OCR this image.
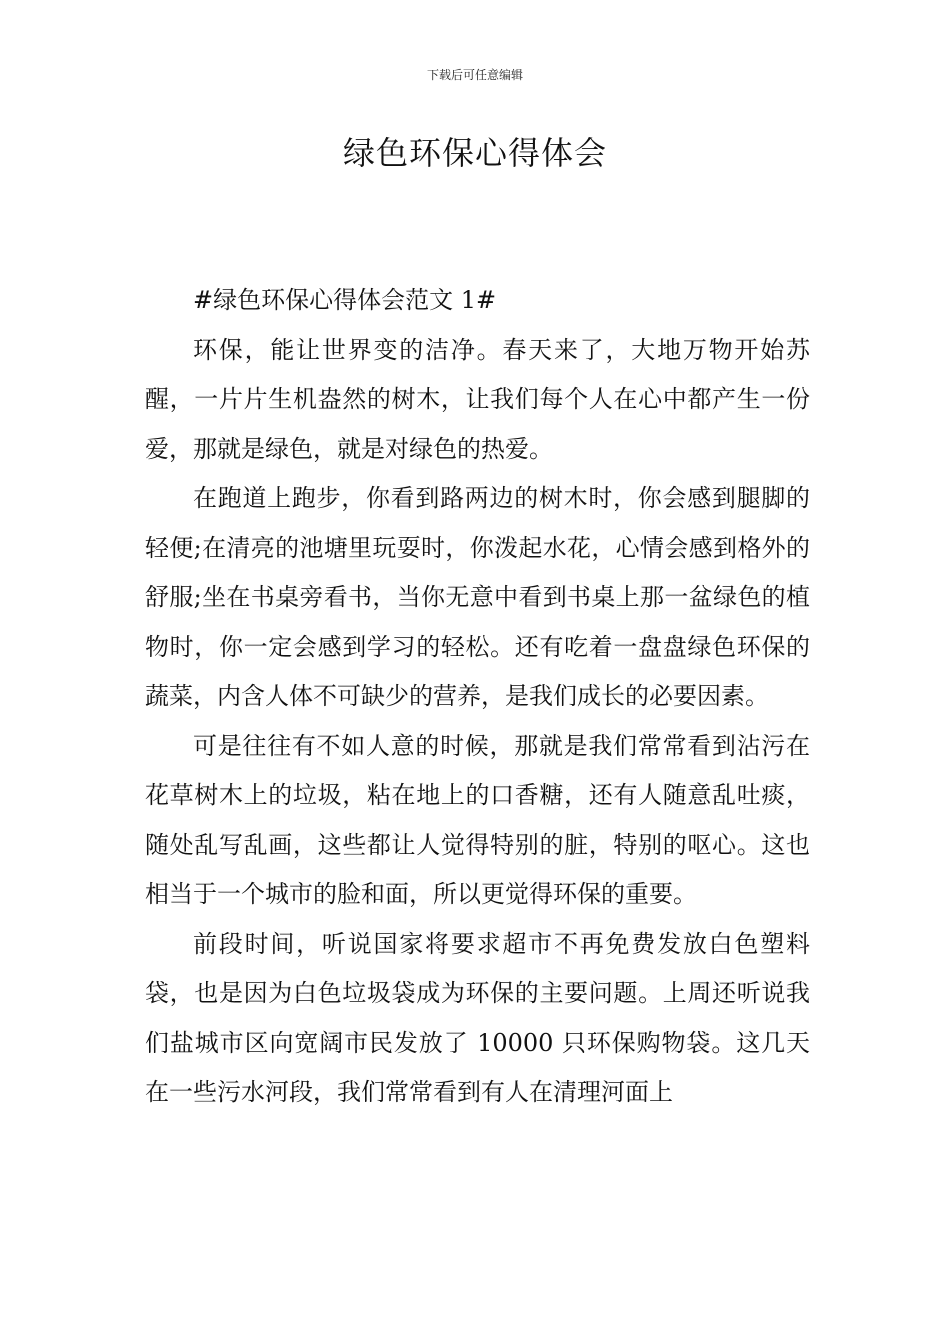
下载后可任意编辑
绿色环保心得体会

#绿色环保心得体会范文 1#

环保，能让世界变的洁净。春天来了，大地万物开始苏醒，一片片生机盎然的树木，让我们每个人在心中都产生一份爱，那就是绿色，就是对绿色的热爱。

在跑道上跑步，你看到路两边的树木时，你会感到腿脚的轻便;在清亮的池塘里玩耍时，你泼起水花，心情会感到格外的舒服;坐在书桌旁看书，当你无意中看到书桌上那一盆绿色的植物时，你一定会感到学习的轻松。还有吃着一盘盘绿色环保的蔬菜，内含人体不可缺少的营养，是我们成长的必要因素。

可是往往有不如人意的时候，那就是我们常常看到沾污在花草树木上的垃圾，粘在地上的口香糖，还有人随意乱吐痰，随处乱写乱画，这些都让人觉得特别的脏，特别的呕心。这也相当于一个城市的脸和面，所以更觉得环保的重要。

前段时间，听说国家将要求超市不再免费发放白色塑料袋，也是因为白色垃圾袋成为环保的主要问题。上周还听说我们盐城市区向宽阔市民发放了 10000 只环保购物袋。这几天在一些污水河段，我们常常看到有人在清理河面上
